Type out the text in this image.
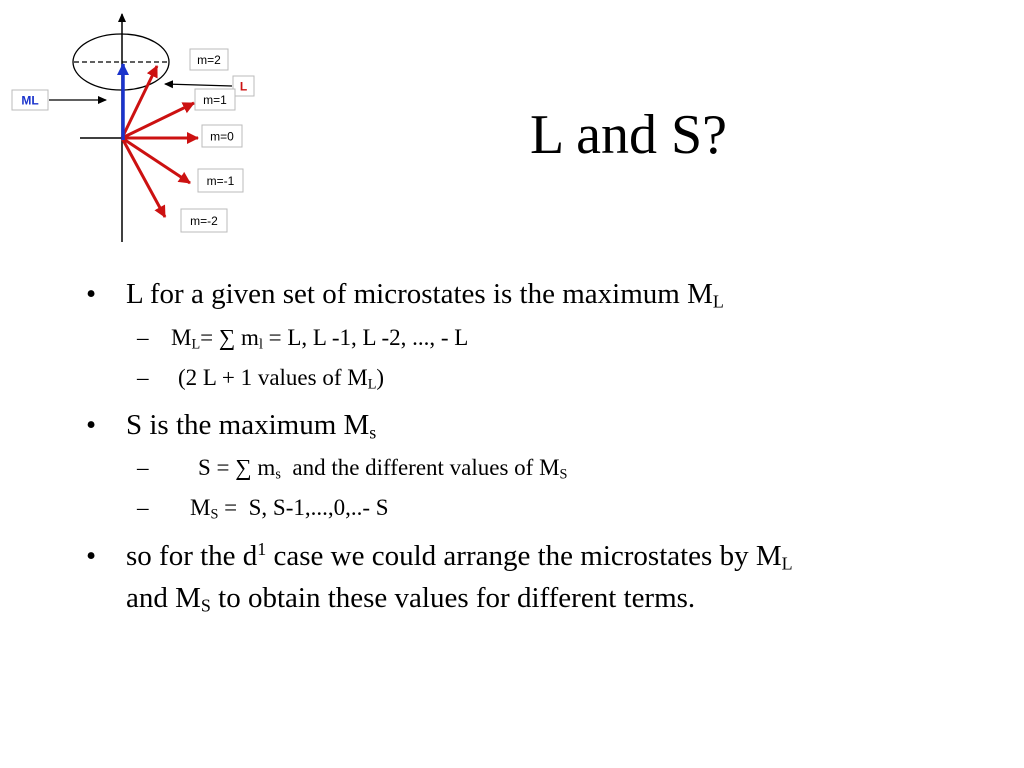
ML
L
m=2
m=1
m=0
m=-1
m=-2
L and S?
• L for a given set of microstates is the maximum $M_L$
– $M_L=$ ∑ $m_l = L$, L -1, L -2, ..., - L
– (2 L + 1 values of $M_L$)
• S is the maximum $M_s$
– S = ∑ $m_s$  and the different values of $M_S$
– $M_S = S$, S-1,...,0,..- S
• so for the $d^1$ case we could arrange the microstates by $M_L$
and $M_S$ to obtain these values for different terms.
